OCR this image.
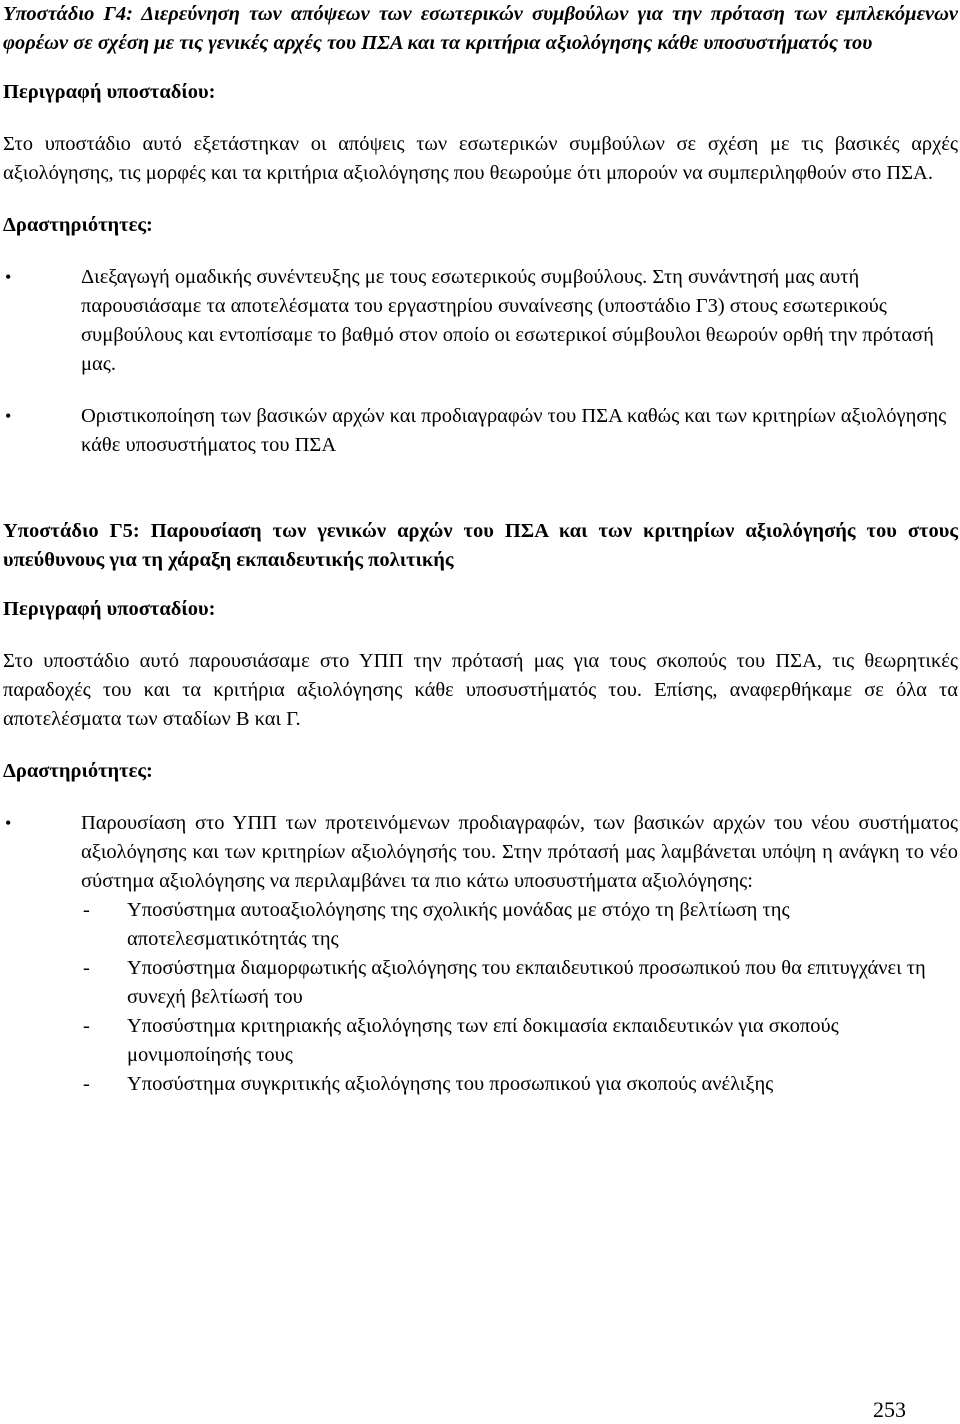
Υποστάδιο Γ4: Διερεύνηση των απόψεων των εσωτερικών συμβούλων για την πρόταση των εμπλεκόμενων φορέων σε σχέση με τις γενικές αρχές του ΠΣΑ και τα κριτήρια αξιολόγησης κάθε υποσυστήματός του

Περιγραφή υποσταδίου:

Στο υποστάδιο αυτό εξετάστηκαν οι απόψεις των εσωτερικών συμβούλων σε σχέση με τις βασικές αρχές αξιολόγησης, τις μορφές και τα κριτήρια αξιολόγησης που θεωρούμε ότι μπορούν να συμπεριληφθούν στο ΠΣΑ.

Δραστηριότητες:

• Διεξαγωγή ομαδικής συνέντευξης με τους εσωτερικούς συμβούλους. Στη συνάντησή μας αυτή παρουσιάσαμε τα αποτελέσματα του εργαστηρίου συναίνεσης (υποστάδιο Γ3) στους εσωτερικούς συμβούλους και εντοπίσαμε το βαθμό στον οποίο οι εσωτερικοί σύμβουλοι θεωρούν ορθή την πρότασή μας.
• Οριστικοποίηση των βασικών αρχών και προδιαγραφών του ΠΣΑ καθώς και των κριτηρίων αξιολόγησης κάθε υποσυστήματος του ΠΣΑ

Υποστάδιο Γ5: Παρουσίαση των γενικών αρχών του ΠΣΑ και των κριτηρίων αξιολόγησής του στους υπεύθυνους για τη χάραξη εκπαιδευτικής πολιτικής

Περιγραφή υποσταδίου:

Στο υποστάδιο αυτό παρουσιάσαμε στο ΥΠΠ την πρότασή μας για τους σκοπούς του ΠΣΑ, τις θεωρητικές παραδοχές του και τα κριτήρια αξιολόγησης κάθε υποσυστήματός του. Επίσης, αναφερθήκαμε σε όλα τα αποτελέσματα των σταδίων Β και Γ.

Δραστηριότητες:

• Παρουσίαση στο ΥΠΠ των προτεινόμενων προδιαγραφών, των βασικών αρχών του νέου συστήματος αξιολόγησης και των κριτηρίων αξιολόγησής του. Στην πρότασή μας λαμβάνεται υπόψη η ανάγκη το νέο σύστημα αξιολόγησης να περιλαμβάνει τα πιο κάτω υποσυστήματα αξιολόγησης:

- Υποσύστημα αυτοαξιολόγησης της σχολικής μονάδας με στόχο τη βελτίωση της αποτελεσματικότητάς της
- Υποσύστημα διαμορφωτικής αξιολόγησης του εκπαιδευτικού προσωπικού που θα επιτυγχάνει τη συνεχή βελτίωσή του
- Υποσύστημα κριτηριακής αξιολόγησης των επί δοκιμασία εκπαιδευτικών για σκοπούς μονιμοποίησής τους
- Υποσύστημα συγκριτικής αξιολόγησης του προσωπικού για σκοπούς ανέλιξης
253
